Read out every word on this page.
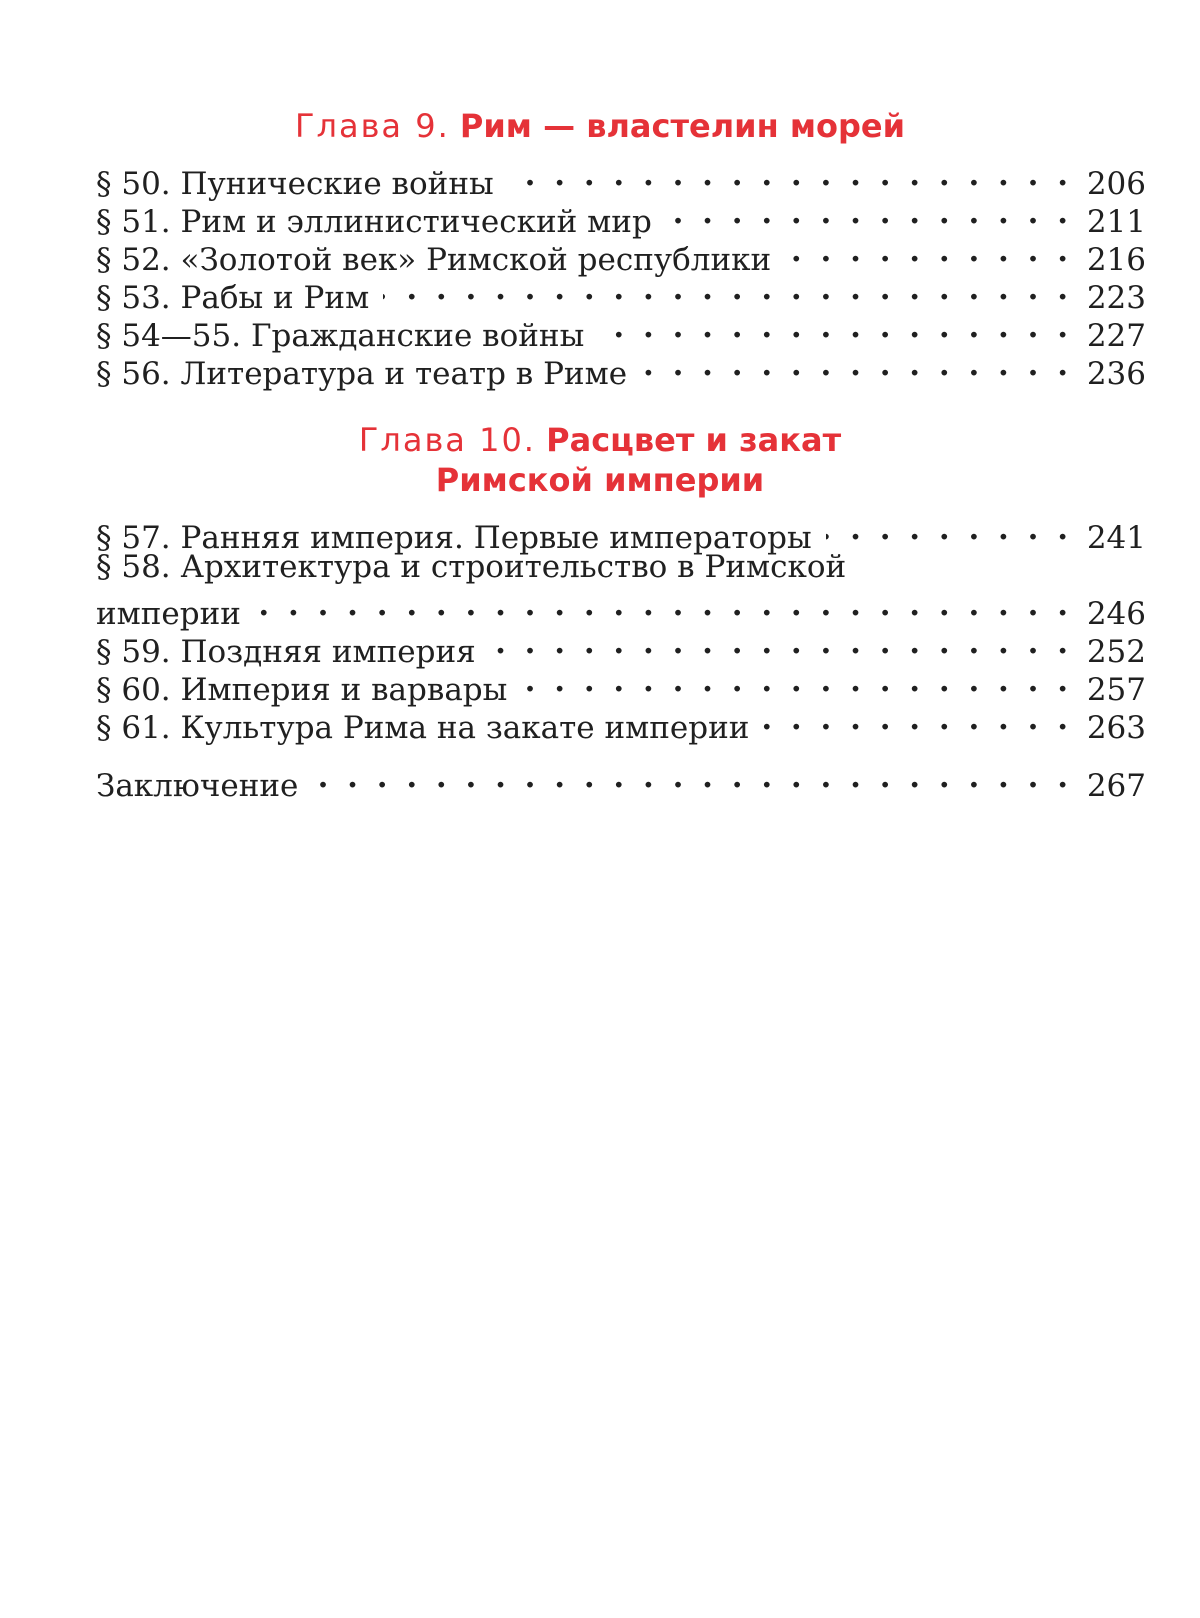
Глава 9. Рим — властелин морей
§ 50. Пунические войны . . .	206
§ 51. Рим и эллинистический мир . . .	211
§ 52. «Золотой век» Римской республики . . .	216
§ 53. Рабы и Рим . . .	223
§ 54—55. Гражданские войны . . .	227
§ 56. Литература и театр в Риме . . .	236
Глава 10. Расцвет и закат
Римской империи
§ 57. Ранняя империя. Первые императоры . . .	241
§ 58. Архитектура и строительство в Римской
империи . . .	246
§ 59. Поздняя империя . . .	252
§ 60. Империя и варвары . . .	257
§ 61. Культура Рима на закате империи . . .	263
Заключение . . .	267
